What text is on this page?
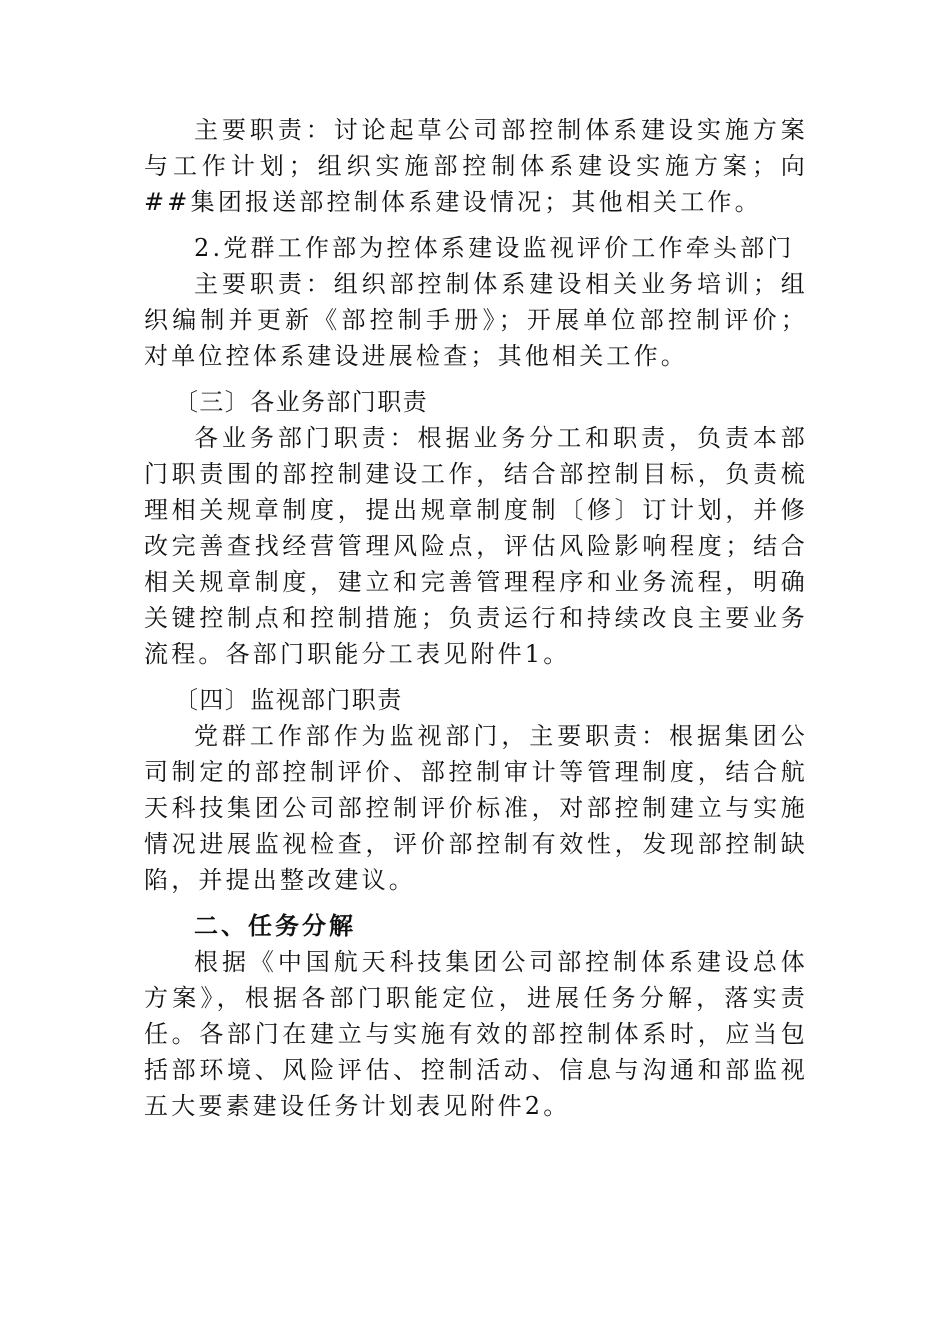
主要职责：讨论起草公司部控制体系建设实施方案与工作计划；组织实施部控制体系建设实施方案；向##集团报送部控制体系建设情况；其他相关工作。

2.党群工作部为控体系建设监视评价工作牵头部门

主要职责：组织部控制体系建设相关业务培训；组织编制并更新《部控制手册》；开展单位部控制评价；对单位控体系建设进展检查；其他相关工作。

〔三〕各业务部门职责

各业务部门职责：根据业务分工和职责，负责本部门职责围的部控制建设工作，结合部控制目标，负责梳理相关规章制度，提出规章制度制〔修〕订计划，并修改完善查找经营管理风险点，评估风险影响程度；结合相关规章制度，建立和完善管理程序和业务流程，明确关键控制点和控制措施；负责运行和持续改良主要业务流程。各部门职能分工表见附件1。

〔四〕监视部门职责

党群工作部作为监视部门，主要职责：根据集团公司制定的部控制评价、部控制审计等管理制度，结合航天科技集团公司部控制评价标准，对部控制建立与实施情况进展监视检查，评价部控制有效性，发现部控制缺陷，并提出整改建议。

二、任务分解

根据《中国航天科技集团公司部控制体系建设总体方案》，根据各部门职能定位，进展任务分解，落实责任。各部门在建立与实施有效的部控制体系时，应当包括部环境、风险评估、控制活动、信息与沟通和部监视五大要素建设任务计划表见附件2。
